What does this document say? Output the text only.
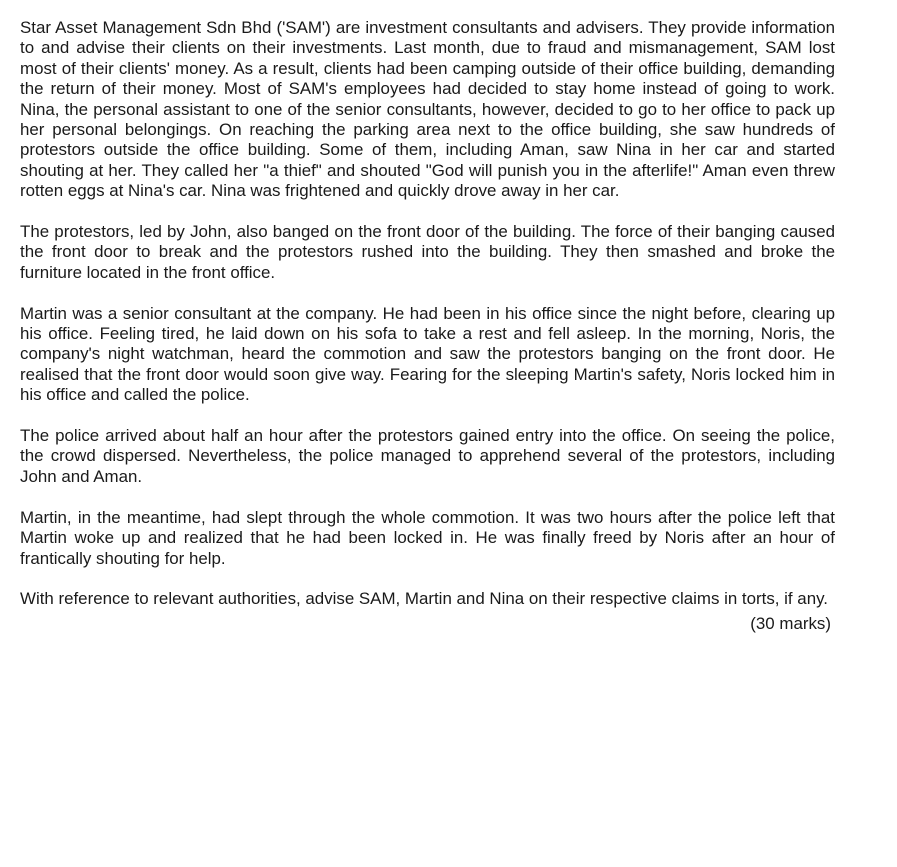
Star Asset Management Sdn Bhd ('SAM') are investment consultants and advisers. They provide information to and advise their clients on their investments. Last month, due to fraud and mismanagement, SAM lost most of their clients' money. As a result, clients had been camping outside of their office building, demanding the return of their money. Most of SAM's employees had decided to stay home instead of going to work. Nina, the personal assistant to one of the senior consultants, however, decided to go to her office to pack up her personal belongings. On reaching the parking area next to the office building, she saw hundreds of protestors outside the office building. Some of them, including Aman, saw Nina in her car and started shouting at her. They called her "a thief" and shouted "God will punish you in the afterlife!" Aman even threw rotten eggs at Nina's car. Nina was frightened and quickly drove away in her car.

The protestors, led by John, also banged on the front door of the building. The force of their banging caused the front door to break and the protestors rushed into the building. They then smashed and broke the furniture located in the front office.

Martin was a senior consultant at the company. He had been in his office since the night before, clearing up his office. Feeling tired, he laid down on his sofa to take a rest and fell asleep. In the morning, Noris, the company's night watchman, heard the commotion and saw the protestors banging on the front door. He realised that the front door would soon give way. Fearing for the sleeping Martin's safety, Noris locked him in his office and called the police.

The police arrived about half an hour after the protestors gained entry into the office. On seeing the police, the crowd dispersed. Nevertheless, the police managed to apprehend several of the protestors, including John and Aman.

Martin, in the meantime, had slept through the whole commotion. It was two hours after the police left that Martin woke up and realized that he had been locked in. He was finally freed by Noris after an hour of frantically shouting for help.

With reference to relevant authorities, advise SAM, Martin and Nina on their respective claims in torts, if any.

(30 marks)
